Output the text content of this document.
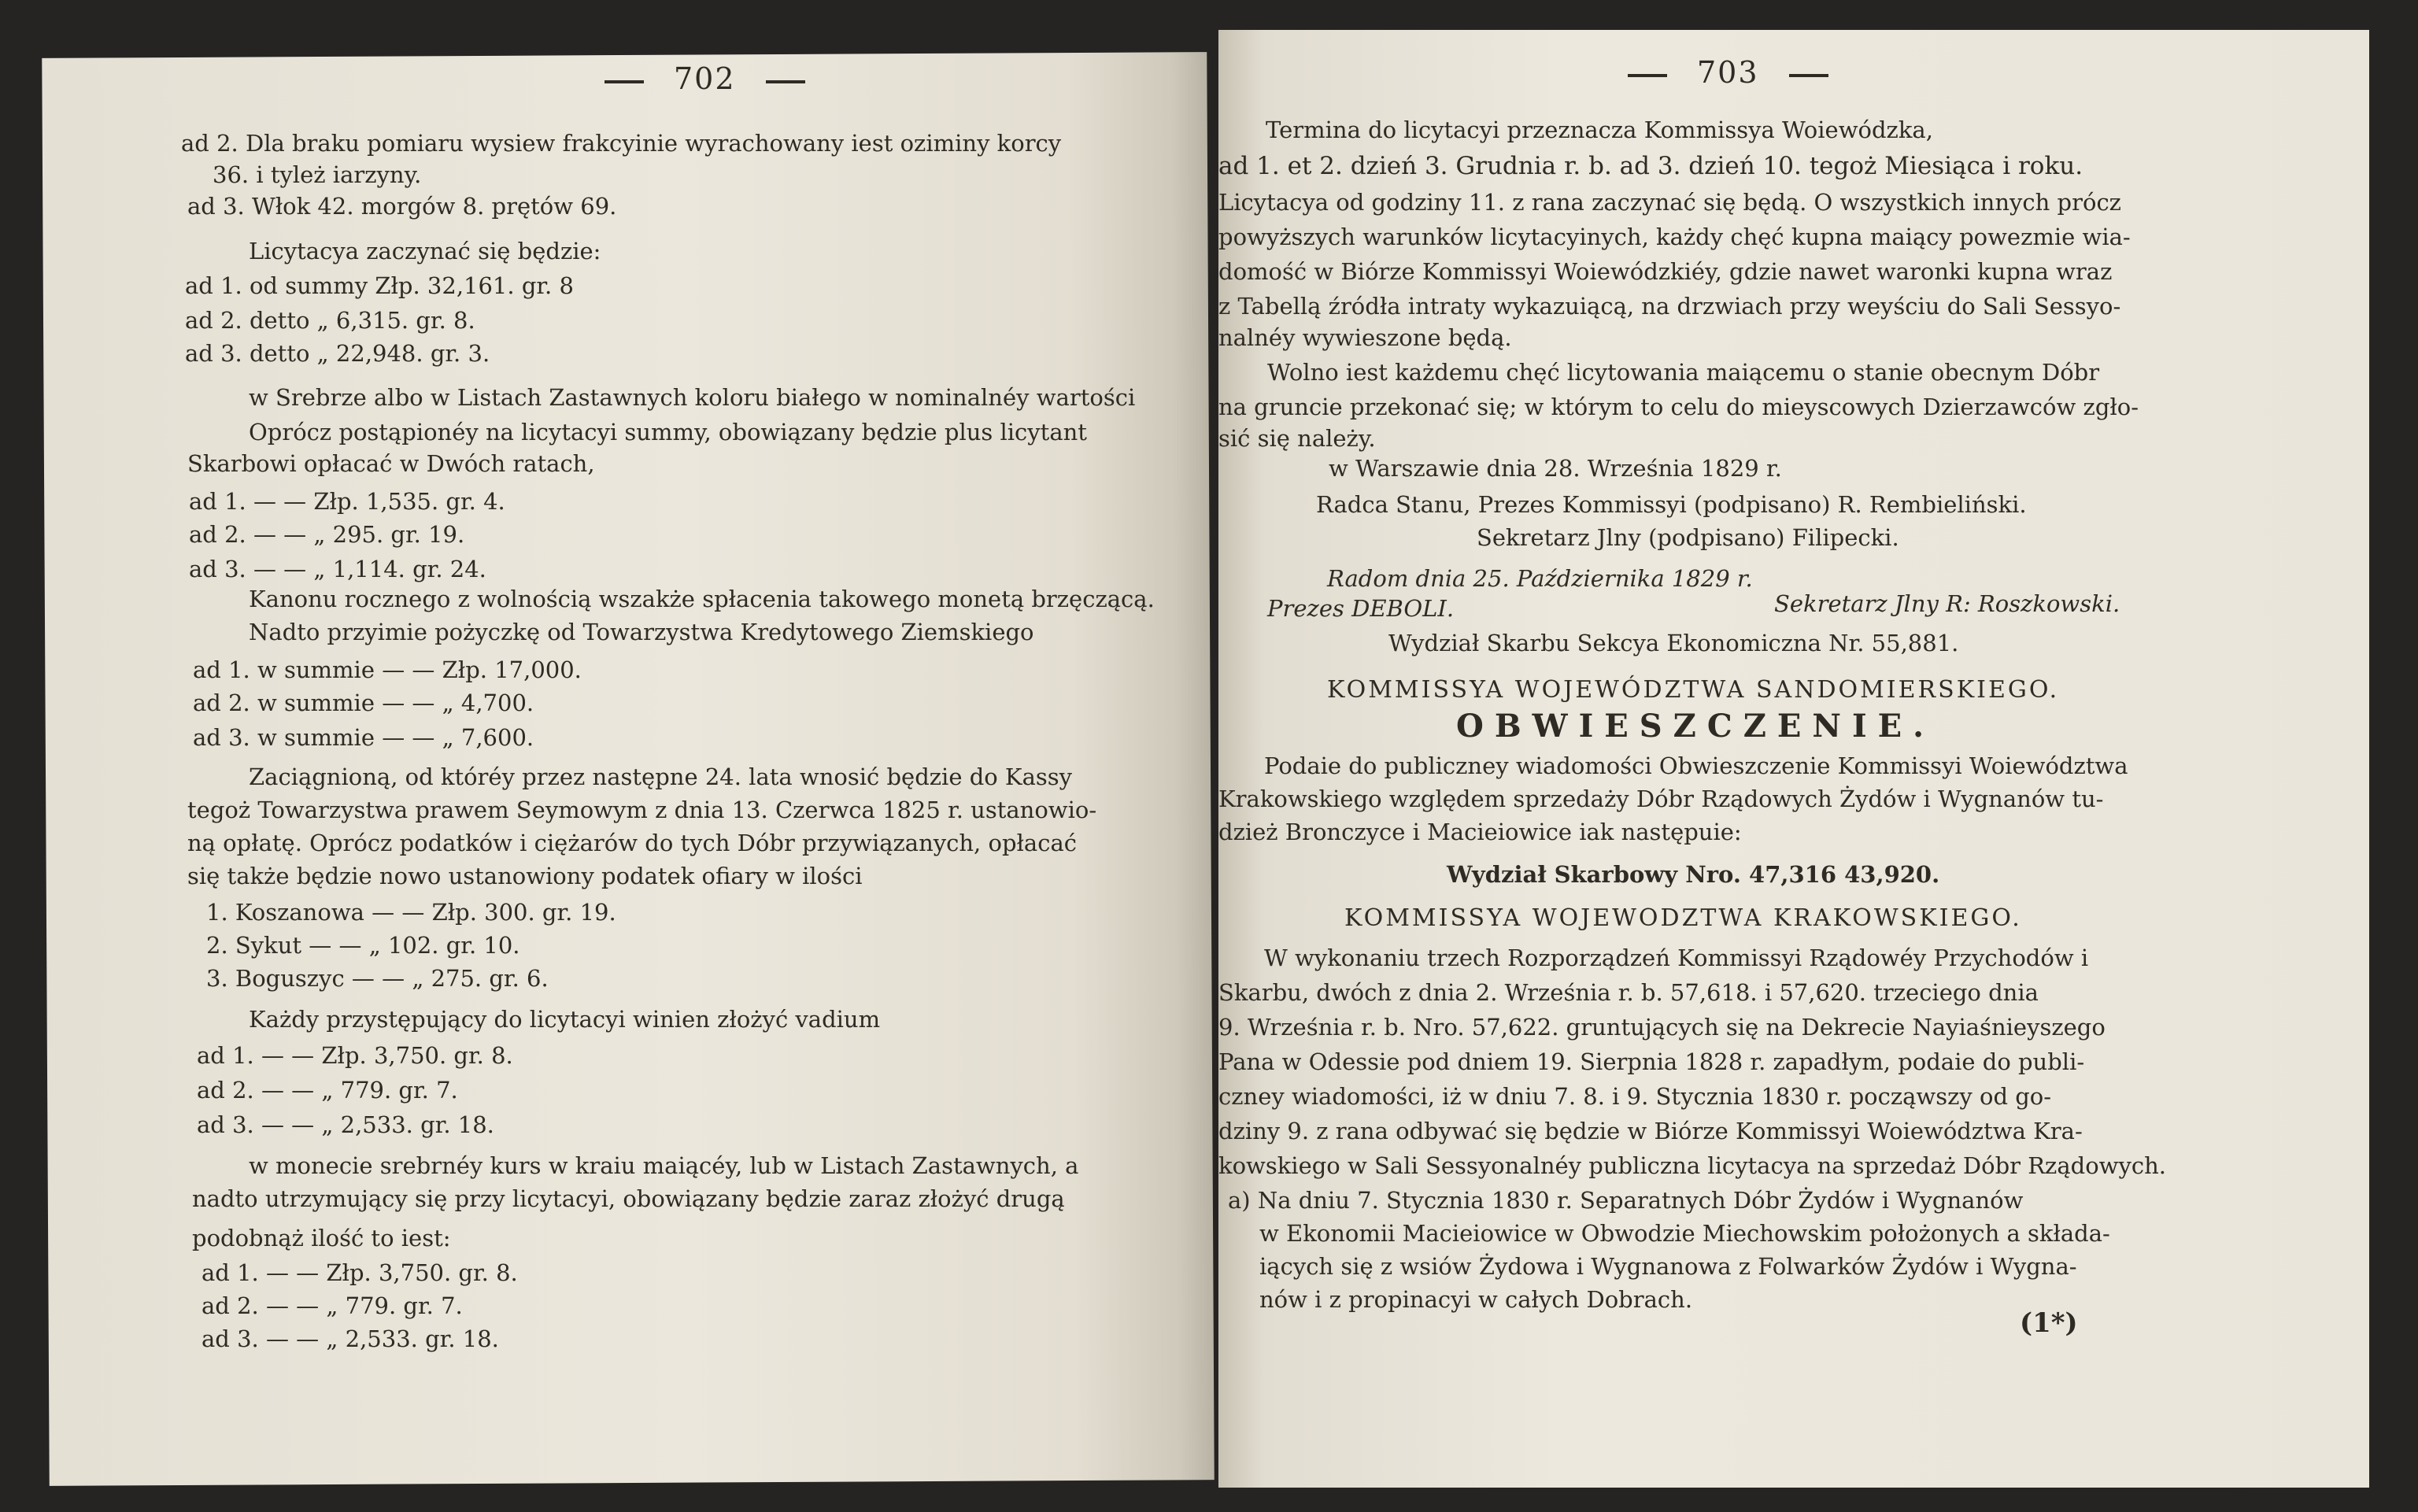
702
ad 2. Dla braku pomiaru wysiew frakcyinie wyrachowany iest oziminy korcy
36. i tyleż iarzyny.
ad 3. Włok 42. morgów 8. prętów 69.
Licytacya zaczynać się będzie:
ad 1. od summy Złp. 32,161. gr. 8
ad 2. detto „ 6,315. gr. 8.
ad 3. detto „ 22,948. gr. 3.
w Srebrze albo w Listach Zastawnych koloru białego w nominalnéy wartości
Oprócz postąpionéy na licytacyi summy, obowiązany będzie plus licytant
Skarbowi opłacać w Dwóch ratach,
ad 1. — — Złp. 1,535. gr. 4.
ad 2. — — „ 295. gr. 19.
ad 3. — — „ 1,114. gr. 24.
Kanonu rocznego z wolnością wszakże spłacenia takowego monetą brzęczącą.
Nadto przyimie pożyczkę od Towarzystwa Kredytowego Ziemskiego
ad 1. w summie — — Złp. 17,000.
ad 2. w summie — — „ 4,700.
ad 3. w summie — — „ 7,600.
Zaciągnioną, od któréy przez następne 24. lata wnosić będzie do Kassy
tegoż Towarzystwa prawem Seymowym z dnia 13. Czerwca 1825 r. ustanowio-
ną opłatę. Oprócz podatków i ciężarów do tych Dóbr przywiązanych, opłacać
się także będzie nowo ustanowiony podatek ofiary w ilości
1. Koszanowa — — Złp. 300. gr. 19.
2. Sykut — — „ 102. gr. 10.
3. Boguszyc — — „ 275. gr. 6.
Każdy przystępujący do licytacyi winien złożyć vadium
ad 1. — — Złp. 3,750. gr. 8.
ad 2. — — „ 779. gr. 7.
ad 3. — — „ 2,533. gr. 18.
w monecie srebrnéy kurs w kraiu maiącéy, lub w Listach Zastawnych, a
nadto utrzymujący się przy licytacyi, obowiązany będzie zaraz złożyć drugą
podobnąż ilość to iest:
ad 1. — — Złp. 3,750. gr. 8.
ad 2. — — „ 779. gr. 7.
ad 3. — — „ 2,533. gr. 18.
703
Termina do licytacyi przeznacza Kommissya Woiewódzka,
ad 1. et 2. dzień 3. Grudnia r. b. ad 3. dzień 10. tegoż Miesiąca i roku.
Licytacya od godziny 11. z rana zaczynać się będą. O wszystkich innych prócz
powyższych warunków licytacyinych, każdy chęć kupna maiący powezmie wia-
domość w Biórze Kommissyi Woiewódzkiéy, gdzie nawet waronki kupna wraz
z Tabellą źródła intraty wykazuiącą, na drzwiach przy weyściu do Sali Sessyo-
nalnéy wywieszone będą.
Wolno iest każdemu chęć licytowania maiącemu o stanie obecnym Dóbr
na gruncie przekonać się; w którym to celu do mieyscowych Dzierzawców zgło-
sić się należy.
w Warszawie dnia 28. Września 1829 r.
Radca Stanu, Prezes Kommissyi (podpisano) R. Rembieliński.
Sekretarz Jlny (podpisano) Filipecki.
Radom dnia 25. Października 1829 r.
Prezes DEBOLI.	Sekretarz Jlny R: Roszkowski.
Wydział Skarbu Sekcya Ekonomiczna Nr. 55,881.
KOMMISSYA WOJEWÓDZTWA SANDOMIERSKIEGO.
OBWIESZCZENIE.
Podaie do publiczney wiadomości Obwieszczenie Kommissyi Woiewództwa
Krakowskiego względem sprzedaży Dóbr Rządowych Żydów i Wygnanów tu-
dzież Bronczyce i Macieiowice iak następuie:
Wydział Skarbowy Nro. 47,316 43,920.
KOMMISSYA WOJEWODZTWA KRAKOWSKIEGO.
W wykonaniu trzech Rozporządzeń Kommissyi Rządowéy Przychodów i
Skarbu, dwóch z dnia 2. Września r. b. 57,618. i 57,620. trzeciego dnia
9. Września r. b. Nro. 57,622. gruntujących się na Dekrecie Nayiaśnieyszego
Pana w Odessie pod dniem 19. Sierpnia 1828 r. zapadłym, podaie do publi-
czney wiadomości, iż w dniu 7. 8. i 9. Stycznia 1830 r. począwszy od go-
dziny 9. z rana odbywać się będzie w Biórze Kommissyi Woiewództwa Kra-
kowskiego w Sali Sessyonalnéy publiczna licytacya na sprzedaż Dóbr Rządowych.
a) Na dniu 7. Stycznia 1830 r. Separatnych Dóbr Żydów i Wygnanów
w Ekonomii Macieiowice w Obwodzie Miechowskim położonych a składa-
iących się z wsiów Żydowa i Wygnanowa z Folwarków Żydów i Wygna-
nów i z propinacyi w całych Dobrach.
(1*)
